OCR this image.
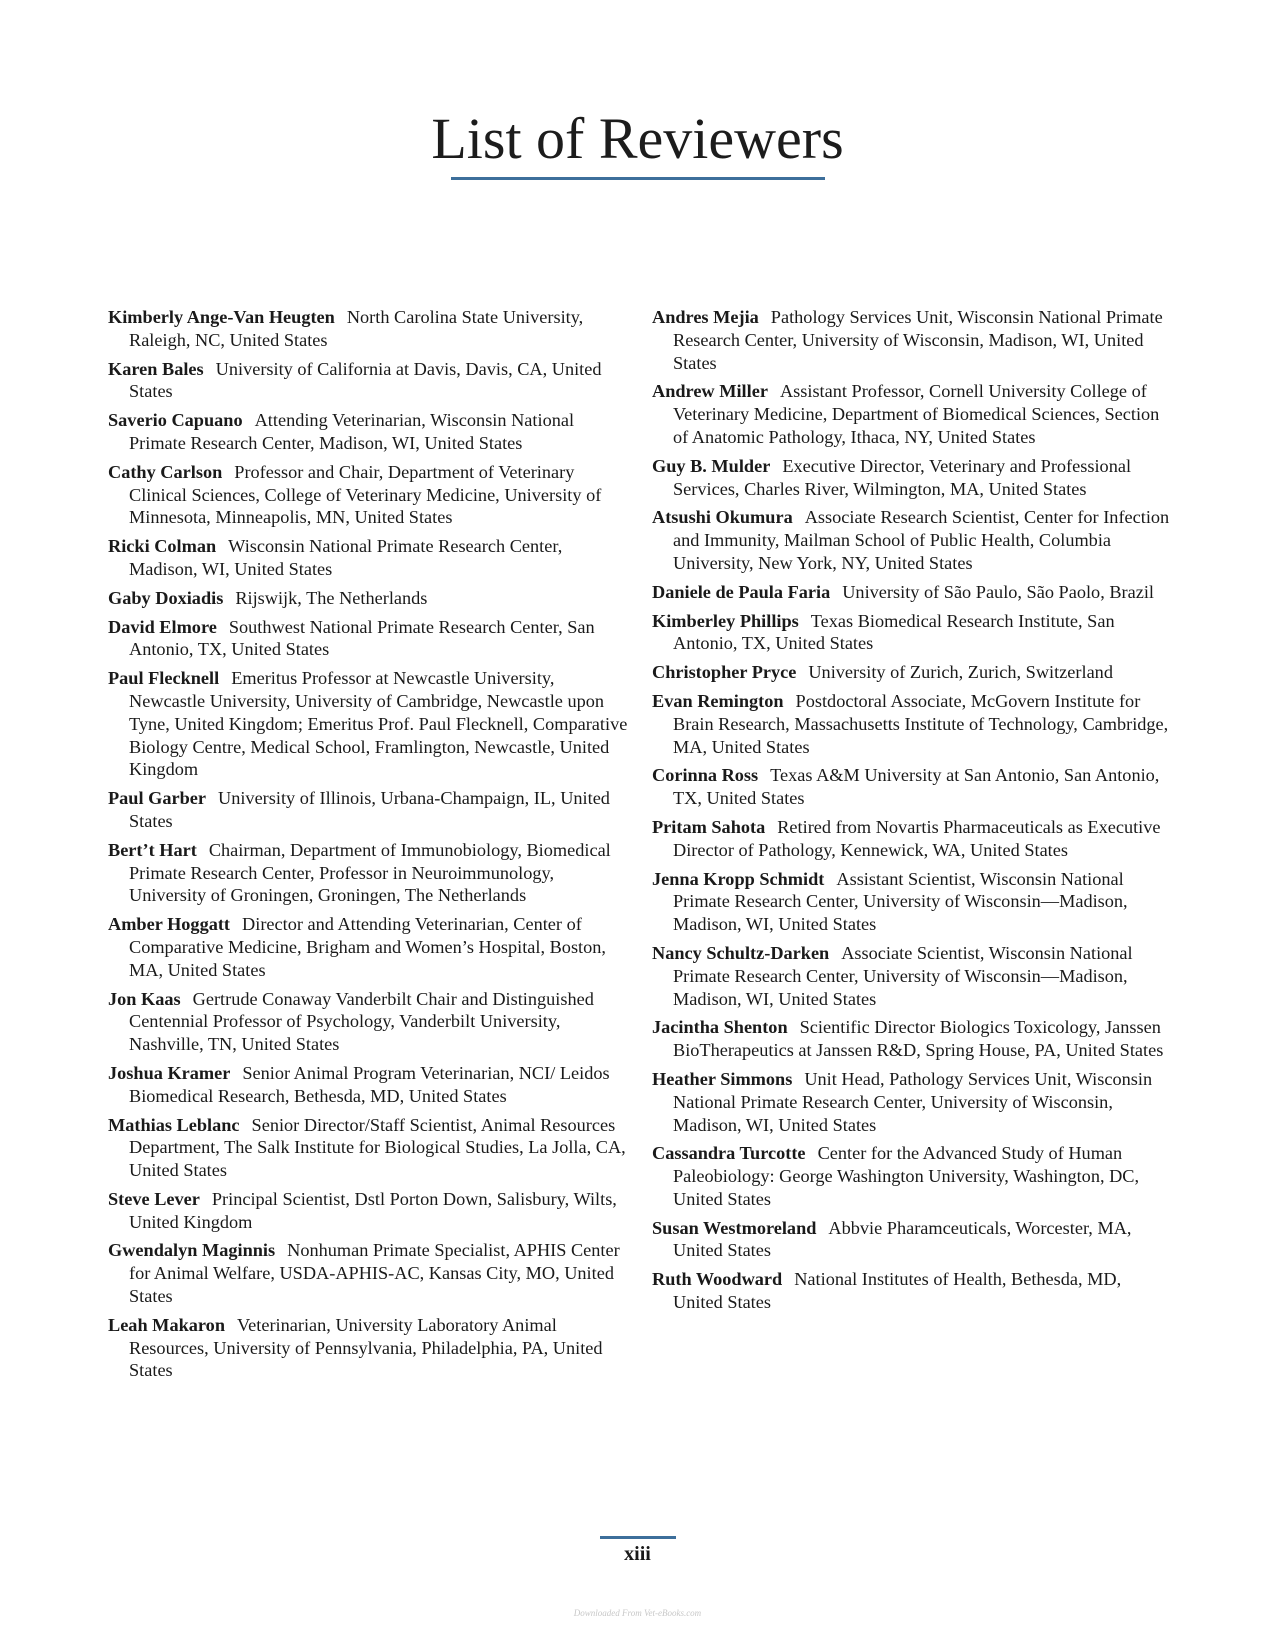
List of Reviewers

Kimberly Ange-Van Heugten North Carolina State University, Raleigh, NC, United States

Karen Bales University of California at Davis, Davis, CA, United States

Saverio Capuano Attending Veterinarian, Wisconsin National Primate Research Center, Madison, WI, United States

Cathy Carlson Professor and Chair, Department of Veterinary Clinical Sciences, College of Veterinary Medicine, University of Minnesota, Minneapolis, MN, United States

Ricki Colman Wisconsin National Primate Research Center, Madison, WI, United States

Gaby Doxiadis Rijswijk, The Netherlands

David Elmore Southwest National Primate Research Center, San Antonio, TX, United States

Paul Flecknell Emeritus Professor at Newcastle University, Newcastle University, University of Cambridge, Newcastle upon Tyne, United Kingdom; Emeritus Prof. Paul Flecknell, Comparative Biology Centre, Medical School, Framlington, Newcastle, United Kingdom

Paul Garber University of Illinois, Urbana-Champaign, IL, United States

Bert’t Hart Chairman, Department of Immunobiology, Biomedical Primate Research Center, Professor in Neuroimmunology, University of Groningen, Groningen, The Netherlands

Amber Hoggatt Director and Attending Veterinarian, Center of Comparative Medicine, Brigham and Women’s Hospital, Boston, MA, United States

Jon Kaas Gertrude Conaway Vanderbilt Chair and Distinguished Centennial Professor of Psychology, Vanderbilt University, Nashville, TN, United States

Joshua Kramer Senior Animal Program Veterinarian, NCI/ Leidos Biomedical Research, Bethesda, MD, United States

Mathias Leblanc Senior Director/Staff Scientist, Animal Resources Department, The Salk Institute for Biological Studies, La Jolla, CA, United States

Steve Lever Principal Scientist, Dstl Porton Down, Salisbury, Wilts, United Kingdom

Gwendalyn Maginnis Nonhuman Primate Specialist, APHIS Center for Animal Welfare, USDA-APHIS-AC, Kansas City, MO, United States

Leah Makaron Veterinarian, University Laboratory Animal Resources, University of Pennsylvania, Philadelphia, PA, United States

Andres Mejia Pathology Services Unit, Wisconsin National Primate Research Center, University of Wisconsin, Madison, WI, United States

Andrew Miller Assistant Professor, Cornell University College of Veterinary Medicine, Department of Biomedical Sciences, Section of Anatomic Pathology, Ithaca, NY, United States

Guy B. Mulder Executive Director, Veterinary and Professional Services, Charles River, Wilmington, MA, United States

Atsushi Okumura Associate Research Scientist, Center for Infection and Immunity, Mailman School of Public Health, Columbia University, New York, NY, United States

Daniele de Paula Faria University of São Paulo, São Paolo, Brazil

Kimberley Phillips Texas Biomedical Research Institute, San Antonio, TX, United States

Christopher Pryce University of Zurich, Zurich, Switzerland

Evan Remington Postdoctoral Associate, McGovern Institute for Brain Research, Massachusetts Institute of Technology, Cambridge, MA, United States

Corinna Ross Texas A&M University at San Antonio, San Antonio, TX, United States

Pritam Sahota Retired from Novartis Pharmaceuticals as Executive Director of Pathology, Kennewick, WA, United States

Jenna Kropp Schmidt Assistant Scientist, Wisconsin National Primate Research Center, University of Wisconsin—Madison, Madison, WI, United States

Nancy Schultz-Darken Associate Scientist, Wisconsin National Primate Research Center, University of Wisconsin—Madison, Madison, WI, United States

Jacintha Shenton Scientific Director Biologics Toxicology, Janssen BioTherapeutics at Janssen R&D, Spring House, PA, United States

Heather Simmons Unit Head, Pathology Services Unit, Wisconsin National Primate Research Center, University of Wisconsin, Madison, WI, United States

Cassandra Turcotte Center for the Advanced Study of Human Paleobiology: George Washington University, Washington, DC, United States

Susan Westmoreland Abbvie Pharamceuticals, Worcester, MA, United States

Ruth Woodward National Institutes of Health, Bethesda, MD, United States

xiii
Downloaded From Vet-eBooks.com
